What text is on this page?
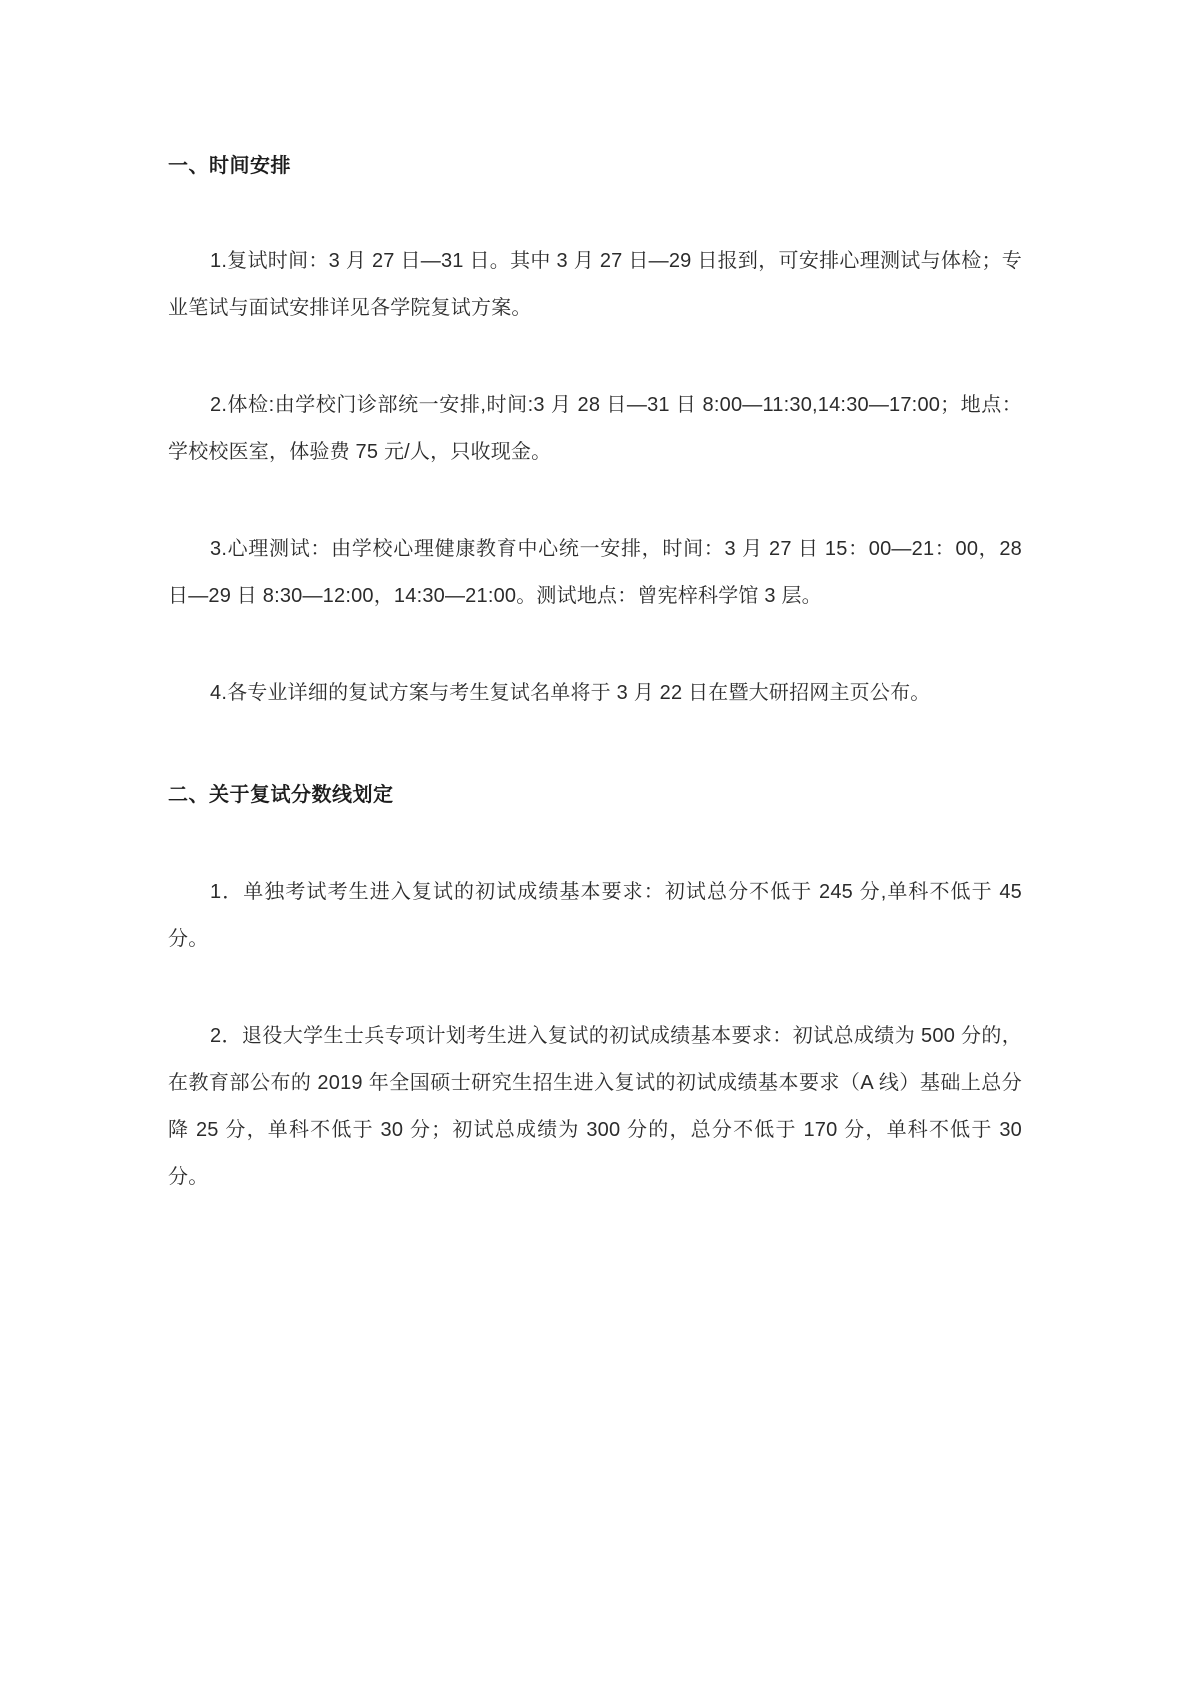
一、时间安排

1.复试时间：3 月 27 日—31 日。其中 3 月 27 日—29 日报到，可安排心理测试与体检；专业笔试与面试安排详见各学院复试方案。

2.体检:由学校门诊部统一安排,时间:3 月 28 日—31 日 8:00—11:30,14:30—17:00；地点：学校校医室，体验费 75 元/人，只收现金。

3.心理测试：由学校心理健康教育中心统一安排，时间：3 月 27 日 15：00—21：00，28 日—29 日 8:30—12:00，14:30—21:00。测试地点：曾宪梓科学馆 3 层。

4.各专业详细的复试方案与考生复试名单将于 3 月 22 日在暨大研招网主页公布。

二、关于复试分数线划定

1．单独考试考生进入复试的初试成绩基本要求：初试总分不低于 245 分,单科不低于 45 分。

2．退役大学生士兵专项计划考生进入复试的初试成绩基本要求：初试总成绩为 500 分的，在教育部公布的 2019 年全国硕士研究生招生进入复试的初试成绩基本要求（A 线）基础上总分降 25 分，单科不低于 30 分；初试总成绩为 300 分的，总分不低于 170 分，单科不低于 30 分。
